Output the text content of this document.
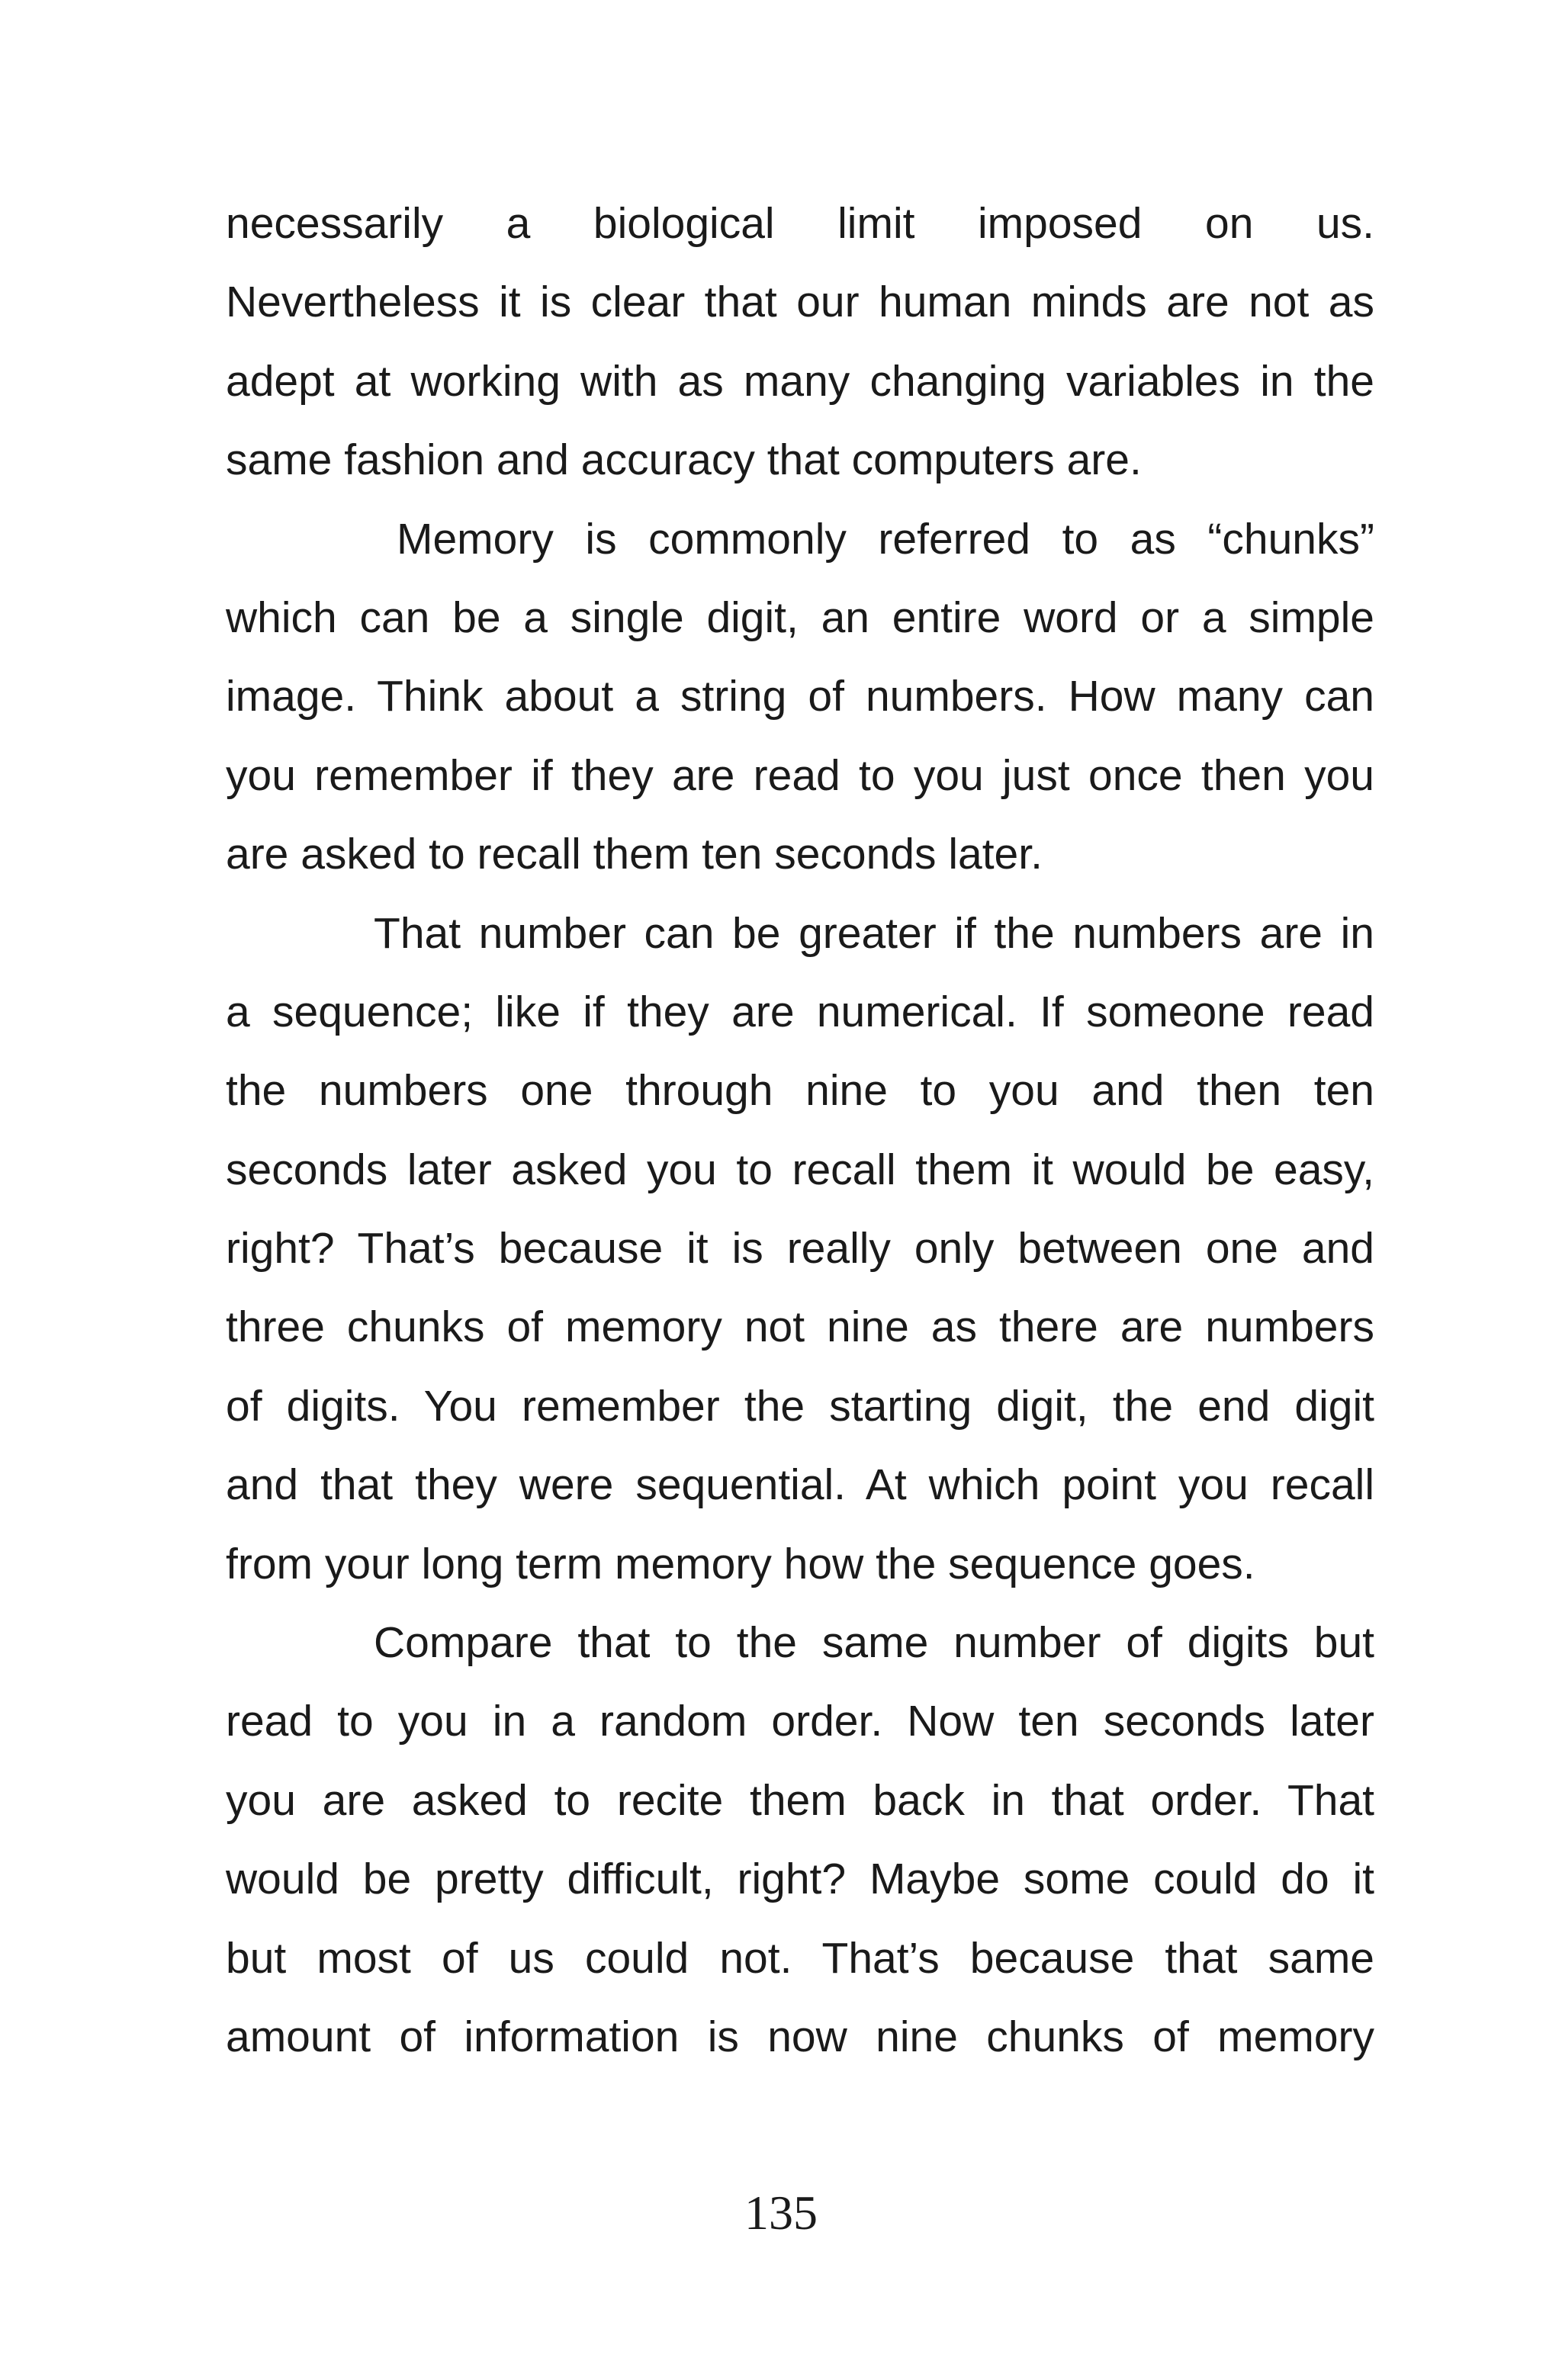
necessarily a biological limit imposed on us.
Nevertheless it is clear that our human minds are not as
adept at working with as many changing variables in the
same fashion and accuracy that computers are.
Memory is commonly referred to as “chunks”
which can be a single digit, an entire word or a simple
image. Think about a string of numbers. How many can
you remember if they are read to you just once then you
are asked to recall them ten seconds later.
That number can be greater if the numbers are in
a sequence; like if they are numerical. If someone read
the numbers one through nine to you and then ten
seconds later asked you to recall them it would be easy,
right? That’s because it is really only between one and
three chunks of memory not nine as there are numbers
of digits. You remember the starting digit, the end digit
and that they were sequential. At which point you recall
from your long term memory how the sequence goes.
Compare that to the same number of digits but
read to you in a random order. Now ten seconds later
you are asked to recite them back in that order. That
would be pretty difficult, right? Maybe some could do it
but most of us could not. That’s because that same
amount of information is now nine chunks of memory
135
